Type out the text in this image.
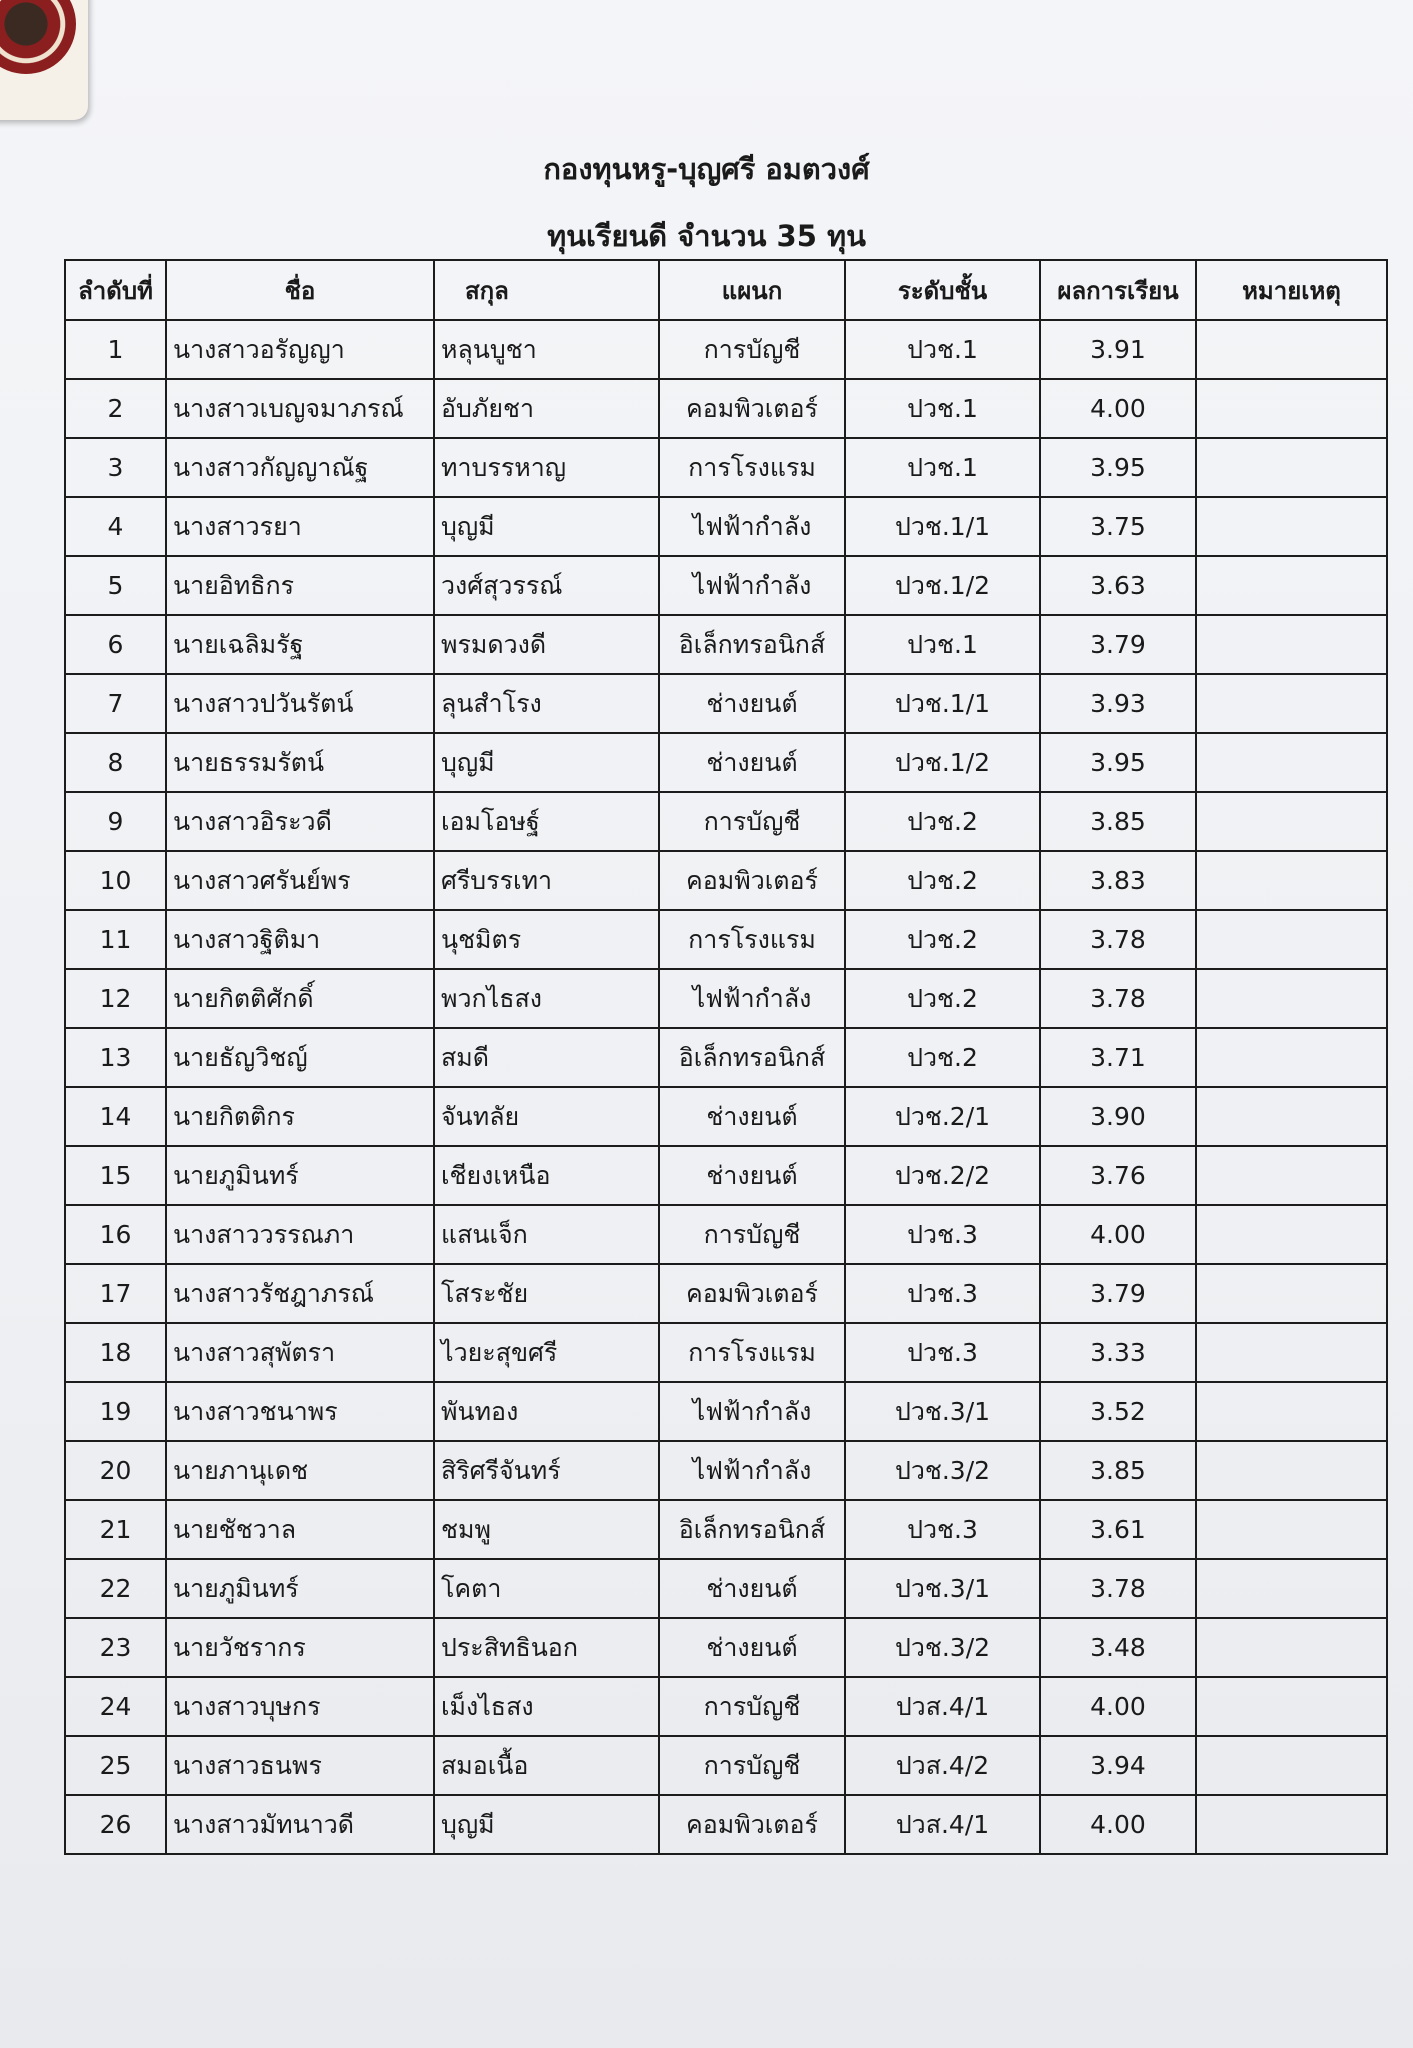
กองทุนหรู-บุญศรี อมตวงศ์
ทุนเรียนดี จำนวน 35 ทุน
ลำดับที่	ชื่อ	สกุล	แผนก	ระดับชั้น	ผลการเรียน	หมายเหตุ
1	นางสาวอรัญญา	หลุนบูชา	การบัญชี	ปวช.1	3.91	
2	นางสาวเบญจมาภรณ์	อับภัยชา	คอมพิวเตอร์	ปวช.1	4.00	
3	นางสาวกัญญาณัฐ	ทาบรรหาญ	การโรงแรม	ปวช.1	3.95	
4	นางสาวรยา	บุญมี	ไฟฟ้ากำลัง	ปวช.1/1	3.75	
5	นายอิทธิกร	วงศ์สุวรรณ์	ไฟฟ้ากำลัง	ปวช.1/2	3.63	
6	นายเฉลิมรัฐ	พรมดวงดี	อิเล็กทรอนิกส์	ปวช.1	3.79	
7	นางสาวปวันรัตน์	ลุนสำโรง	ช่างยนต์	ปวช.1/1	3.93	
8	นายธรรมรัตน์	บุญมี	ช่างยนต์	ปวช.1/2	3.95	
9	นางสาวอิระวดี	เอมโอษฐ์	การบัญชี	ปวช.2	3.85	
10	นางสาวศรันย์พร	ศรีบรรเทา	คอมพิวเตอร์	ปวช.2	3.83	
11	นางสาวฐิติมา	นุชมิตร	การโรงแรม	ปวช.2	3.78	
12	นายกิตติศักดิ์	พวกไธสง	ไฟฟ้ากำลัง	ปวช.2	3.78	
13	นายธัญวิชญ์	สมดี	อิเล็กทรอนิกส์	ปวช.2	3.71	
14	นายกิตติกร	จันทลัย	ช่างยนต์	ปวช.2/1	3.90	
15	นายภูมินทร์	เชียงเหนือ	ช่างยนต์	ปวช.2/2	3.76	
16	นางสาววรรณภา	แสนเจ็ก	การบัญชี	ปวช.3	4.00	
17	นางสาวรัชฎาภรณ์	โสระชัย	คอมพิวเตอร์	ปวช.3	3.79	
18	นางสาวสุพัตรา	ไวยะสุขศรี	การโรงแรม	ปวช.3	3.33	
19	นางสาวชนาพร	พันทอง	ไฟฟ้ากำลัง	ปวช.3/1	3.52	
20	นายภานุเดช	สิริศรีจันทร์	ไฟฟ้ากำลัง	ปวช.3/2	3.85	
21	นายชัชวาล	ชมพู	อิเล็กทรอนิกส์	ปวช.3	3.61	
22	นายภูมินทร์	โคตา	ช่างยนต์	ปวช.3/1	3.78	
23	นายวัชรากร	ประสิทธินอก	ช่างยนต์	ปวช.3/2	3.48	
24	นางสาวบุษกร	เม็งไธสง	การบัญชี	ปวส.4/1	4.00	
25	นางสาวธนพร	สมอเนื้อ	การบัญชี	ปวส.4/2	3.94	
26	นางสาวมัทนาวดี	บุญมี	คอมพิวเตอร์	ปวส.4/1	4.00	
